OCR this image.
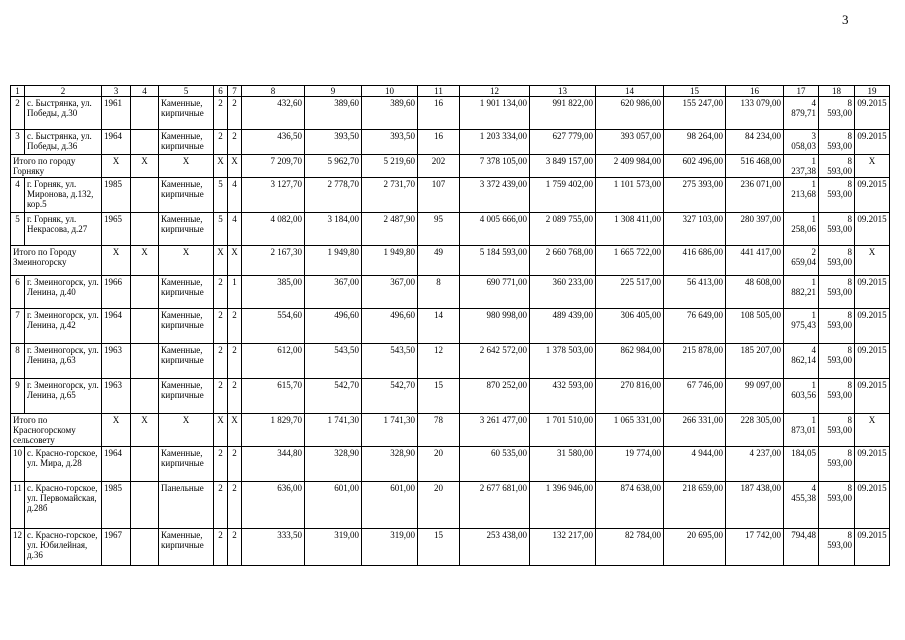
3
1	2	3	4	5	6	7	8	9	10	11	12	13	14	15	16	17	18	19
2	с. Быстрянка, ул. Победы, д.30	1961		Каменные, кирпичные	2	2	432,60	389,60	389,60	16	1 901 134,00	991 822,00	620 986,00	155 247,00	133 079,00	4 879,71	8 593,00	09.2015
3	с. Быстрянка, ул. Победы, д.36	1964		Каменные, кирпичные	2	2	436,50	393,50	393,50	16	1 203 334,00	627 779,00	393 057,00	98 264,00	84 234,00	3 058,03	8 593,00	09.2015
Итого по городу Горняку		X	X	X	X	X	7 209,70	5 962,70	5 219,60	202	7 378 105,00	3 849 157,00	2 409 984,00	602 496,00	516 468,00	1 237,38	8 593,00	X
4	г. Горняк, ул. Миронова, д.132, кор.5	1985		Каменные, кирпичные	5	4	3 127,70	2 778,70	2 731,70	107	3 372 439,00	1 759 402,00	1 101 573,00	275 393,00	236 071,00	1 213,68	8 593,00	09.2015
5	г. Горняк, ул. Некрасова, д.27	1965		Каменные, кирпичные	5	4	4 082,00	3 184,00	2 487,90	95	4 005 666,00	2 089 755,00	1 308 411,00	327 103,00	280 397,00	1 258,06	8 593,00	09.2015
Итого по Городу Змеиногорску		X	X	X	X	X	2 167,30	1 949,80	1 949,80	49	5 184 593,00	2 660 768,00	1 665 722,00	416 686,00	441 417,00	2 659,04	8 593,00	X
6	г. Змеиногорск, ул. Ленина, д.40	1966		Каменные, кирпичные	2	1	385,00	367,00	367,00	8	690 771,00	360 233,00	225 517,00	56 413,00	48 608,00	1 882,21	8 593,00	09.2015
7	г. Змеиногорск, ул. Ленина, д.42	1964		Каменные, кирпичные	2	2	554,60	496,60	496,60	14	980 998,00	489 439,00	306 405,00	76 649,00	108 505,00	1 975,43	8 593,00	09.2015
8	г. Змеиногорск, ул. Ленина, д.63	1963		Каменные, кирпичные	2	2	612,00	543,50	543,50	12	2 642 572,00	1 378 503,00	862 984,00	215 878,00	185 207,00	4 862,14	8 593,00	09.2015
9	г. Змеиногорск, ул. Ленина, д.65	1963		Каменные, кирпичные	2	2	615,70	542,70	542,70	15	870 252,00	432 593,00	270 816,00	67 746,00	99 097,00	1 603,56	8 593,00	09.2015
Итого по Красногорскому сельсовету		X	X	X	X	X	1 829,70	1 741,30	1 741,30	78	3 261 477,00	1 701 510,00	1 065 331,00	266 331,00	228 305,00	1 873,01	8 593,00	X
10	с. Красно-горское, ул. Мира, д.28	1964		Каменные, кирпичные	2	2	344,80	328,90	328,90	20	60 535,00	31 580,00	19 774,00	4 944,00	4 237,00	184,05	8 593,00	09.2015
11	с. Красно-горское, ул. Первомайская, д.28б	1985		Панельные	2	2	636,00	601,00	601,00	20	2 677 681,00	1 396 946,00	874 638,00	218 659,00	187 438,00	4 455,38	8 593,00	09.2015
12	с. Красно-горское, ул. Юбилейная, д.36	1967		Каменные, кирпичные	2	2	333,50	319,00	319,00	15	253 438,00	132 217,00	82 784,00	20 695,00	17 742,00	794,48	8 593,00	09.2015
